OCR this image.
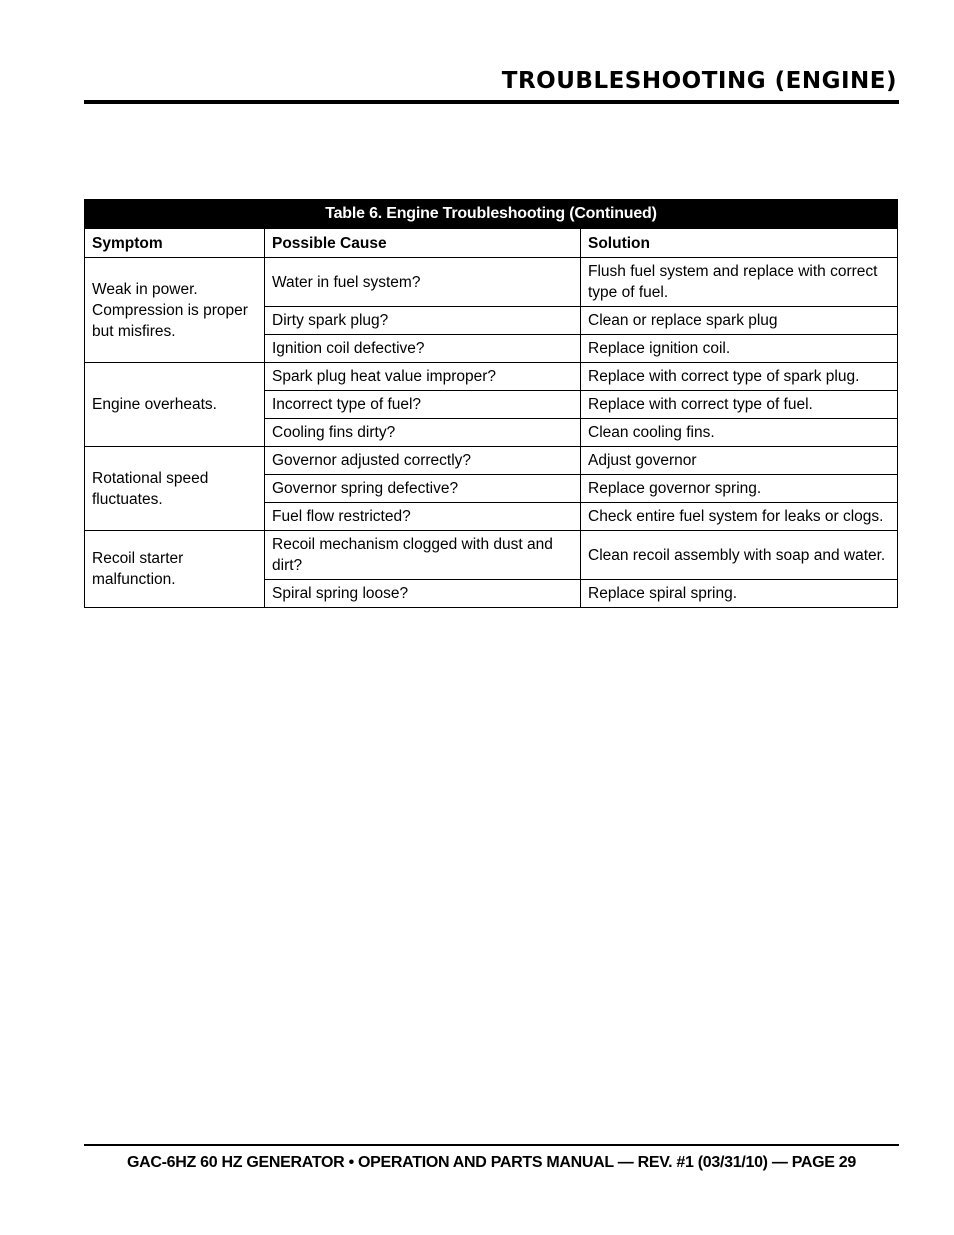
TROUBLESHOOTING (ENGINE)
Table 6. Engine Troubleshooting (Continued)
Symptom	Possible Cause	Solution
Weak in power. Compression is proper but misfires.	Water in fuel system?	Flush fuel system and replace with correct type of fuel.
	Dirty spark plug?	Clean or replace spark plug
	Ignition coil defective?	Replace ignition coil.
Engine overheats.	Spark plug heat value improper?	Replace with correct type of spark plug.
	Incorrect type of fuel?	Replace with correct type of fuel.
	Cooling fins dirty?	Clean cooling fins.
Rotational speed fluctuates.	Governor adjusted correctly?	Adjust governor
	Governor spring defective?	Replace governor spring.
	Fuel flow restricted?	Check entire fuel system for leaks or clogs.
Recoil starter malfunction.	Recoil mechanism clogged with dust and dirt?	Clean recoil assembly with soap and water.
	Spiral spring loose?	Replace spiral spring.
GAC-6HZ 60 HZ GENERATOR • OPERATION AND PARTS MANUAL — REV. #1 (03/31/10) — PAGE 29
